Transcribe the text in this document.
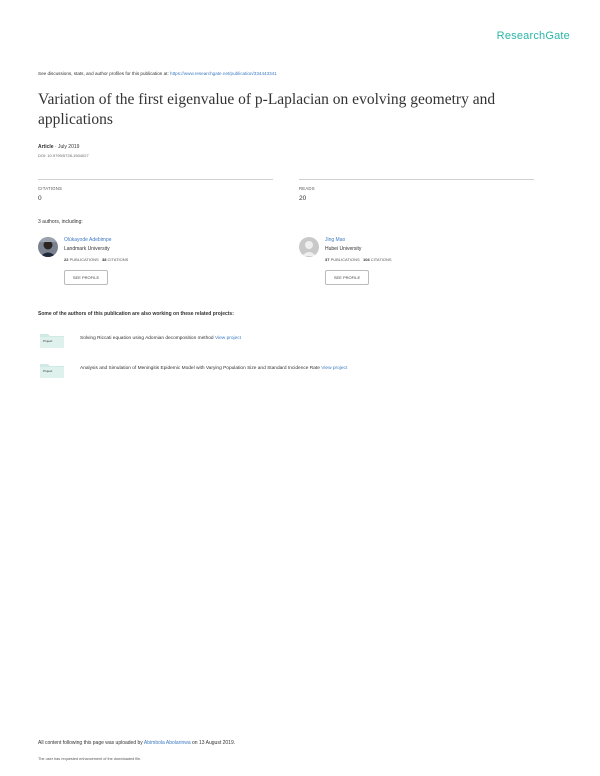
ResearchGate
See discussions, stats, and author profiles for this publication at: https://www.researchgate.net/publication/334443341
Variation of the first eigenvalue of p-Laplacian on evolving geometry and applications
Article · July 2019
DOI: 10.9790/5728-1504027
CITATIONS
0
READS
20
3 authors, including:
Olúkayode Adebimpe
Landmark University
22 PUBLICATIONS 38 CITATIONS
SEE PROFILE
Jing Mao
Hubei University
37 PUBLICATIONS 104 CITATIONS
SEE PROFILE
Some of the authors of this publication are also working on these related projects:
Project	Solving Riccati equation using Adomian decomposition method View project
Project	Analysis and Simulation of Meningitis Epidemic Model with Varying Population Size and Standard Incidence Rate View project
All content following this page was uploaded by Abimbola Abolarinwa on 13 August 2019.
The user has requested enhancement of the downloaded file.
